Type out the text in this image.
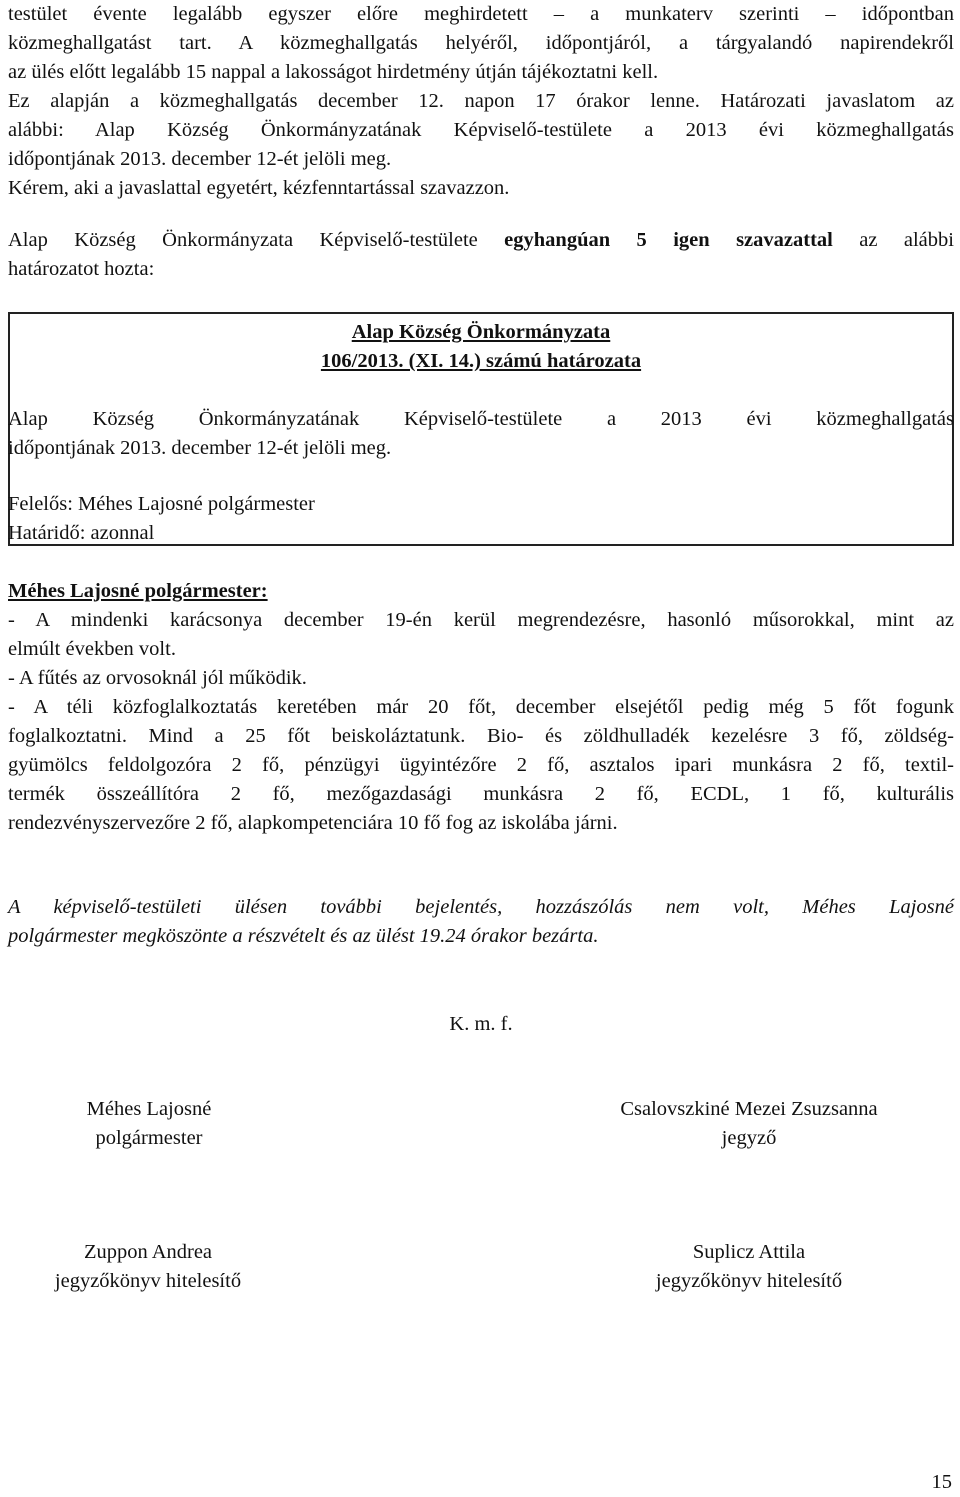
testület évente legalább egyszer előre meghirdetett – a munkaterv szerinti – időpontban

közmeghallgatást tart. A közmeghallgatás helyéről, időpontjáról, a tárgyalandó napirendekről

az ülés előtt legalább 15 nappal a lakosságot hirdetmény útján tájékoztatni kell.

Ez alapján a közmeghallgatás december 12. napon 17 órakor lenne. Határozati javaslatom az

alábbi: Alap Község Önkormányzatának Képviselő-testülete a 2013 évi közmeghallgatás

időpontjának 2013. december 12-ét jelöli meg.

Kérem, aki a javaslattal egyetért, kézfenntartással szavazzon.

Alap Község Önkormányzata Képviselő-testülete egyhangúan 5 igen szavazattal az alábbi

határozatot hozta:

Alap Község Önkormányzata

106/2013. (XI. 14.) számú határozata

Alap Község Önkormányzatának Képviselő-testülete a 2013 évi közmeghallgatás

időpontjának 2013. december 12-ét jelöli meg.

Felelős: Méhes Lajosné polgármester

Határidő: azonnal

Méhes Lajosné polgármester:

- A mindenki karácsonya december 19-én kerül megrendezésre, hasonló műsorokkal, mint az

elmúlt években volt.

- A fűtés az orvosoknál jól működik.

- A téli közfoglalkoztatás keretében már 20 főt, december elsejétől pedig még 5 főt fogunk

foglalkoztatni. Mind a 25 főt beiskoláztatunk. Bio- és zöldhulladék kezelésre 3 fő, zöldség-

gyümölcs feldolgozóra 2 fő, pénzügyi ügyintézőre 2 fő, asztalos ipari munkásra 2 fő, textil-

termék összeállítóra 2 fő, mezőgazdasági munkásra 2 fő, ECDL, 1 fő, kulturális

rendezvényszervezőre 2 fő, alapkompetenciára 10 fő fog az iskolába járni.

A képviselő-testületi ülésen további bejelentés, hozzászólás nem volt, Méhes Lajosné

polgármester megköszönte a részvételt és az ülést 19.24 órakor bezárta.

K. m. f.

Méhes Lajosné

polgármester

Csalovszkiné Mezei Zsuzsanna

jegyző

Zuppon Andrea

jegyzőkönyv hitelesítő

Suplicz Attila

jegyzőkönyv hitelesítő

15
